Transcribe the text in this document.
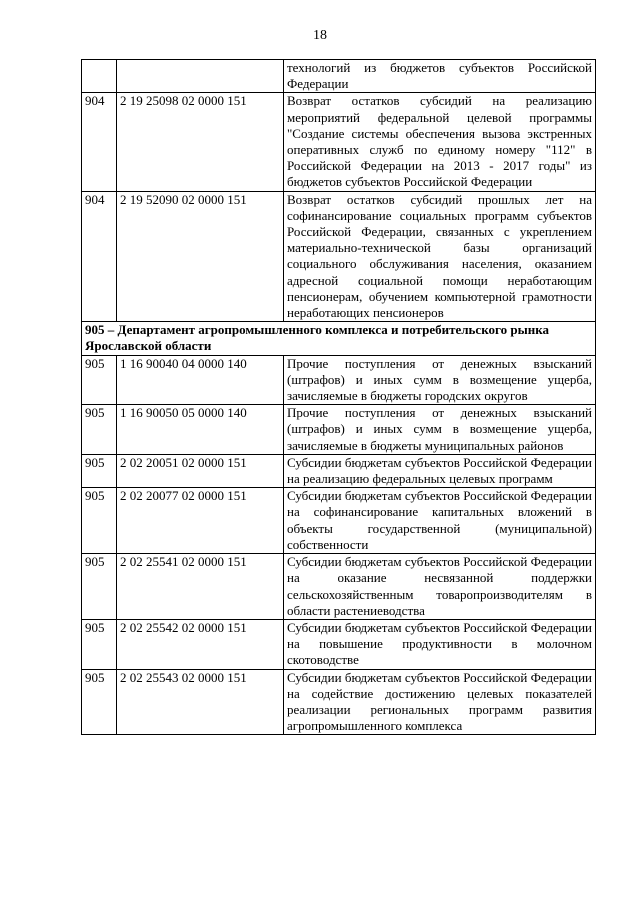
18
		технологий из бюджетов субъектов Российской Федерации
904	2 19 25098 02 0000 151	Возврат остатков субсидий на реализацию мероприятий федеральной целевой программы "Создание системы обеспечения вызова экстренных оперативных служб по единому номеру "112" в Российской Федерации на 2013 - 2017 годы" из бюджетов субъектов Российской Федерации
904	2 19 52090 02 0000 151	Возврат остатков субсидий прошлых лет на софинансирование социальных программ субъектов Российской Федерации, связанных с укреплением материально-технической базы организаций социального обслуживания населения, оказанием адресной социальной помощи неработающим пенсионерам, обучением компьютерной грамотности неработающих пенсионеров
905 – Департамент агропромышленного комплекса и потребительского рынка Ярославской области		
905	1 16 90040 04 0000 140	Прочие поступления от денежных взысканий (штрафов) и иных сумм в возмещение ущерба, зачисляемые в бюджеты городских округов
905	1 16 90050 05 0000 140	Прочие поступления от денежных взысканий (штрафов) и иных сумм в возмещение ущерба, зачисляемые в бюджеты муниципальных районов
905	2 02 20051 02 0000 151	Субсидии бюджетам субъектов Российской Федерации на реализацию федеральных целевых программ
905	2 02 20077 02 0000 151	Субсидии бюджетам субъектов Российской Федерации на софинансирование капитальных вложений в объекты государственной (муниципальной) собственности
905	2 02 25541 02 0000 151	Субсидии бюджетам субъектов Российской Федерации на оказание несвязанной поддержки сельскохозяйственным товаропроизводителям в области растениеводства
905	2 02 25542 02 0000 151	Субсидии бюджетам субъектов Российской Федерации на повышение продуктивности в молочном скотоводстве
905	2 02 25543 02 0000 151	Субсидии бюджетам субъектов Российской Федерации на содействие достижению целевых показателей реализации региональных программ развития агропромышленного комплекса
